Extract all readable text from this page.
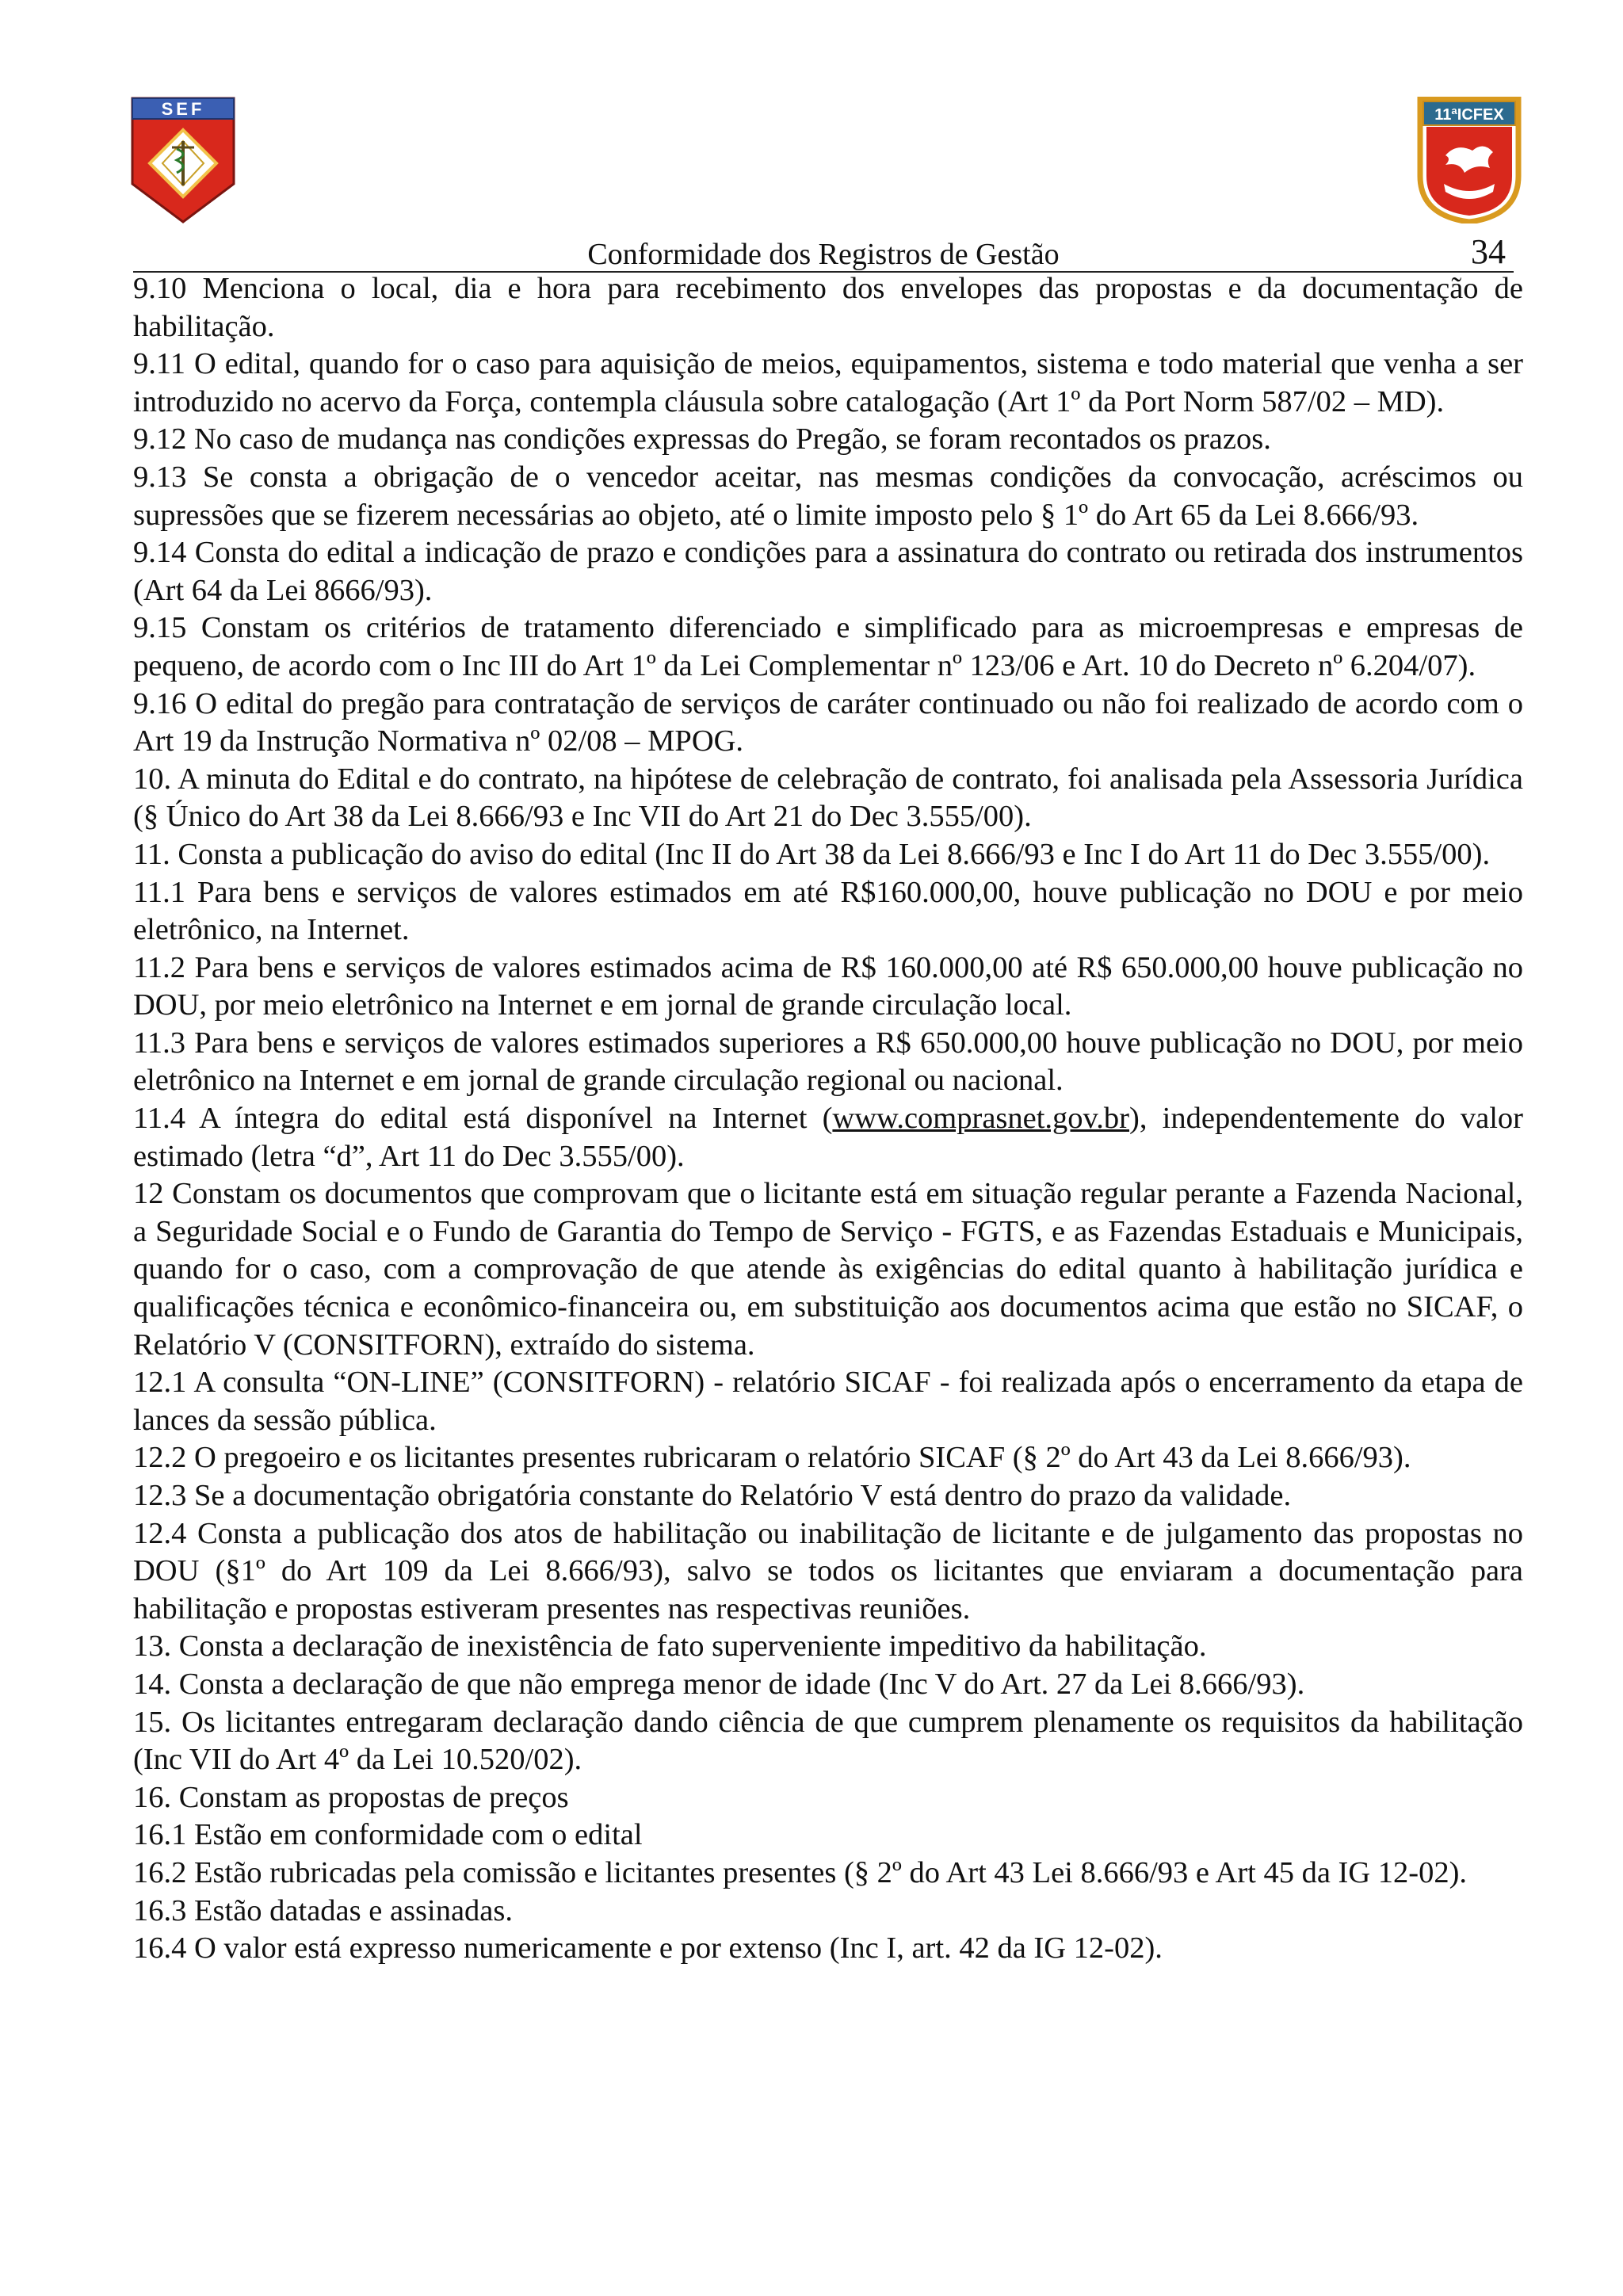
SEF	11ªICFEX
Conformidade dos Registros de Gestão	34

9.10 Menciona o local, dia e hora para recebimento dos envelopes das propostas e da documentação de habilitação.

9.11 O edital, quando for o caso para aquisição de meios, equipamentos, sistema e todo material que venha a ser introduzido no acervo da Força, contempla cláusula sobre catalogação (Art 1º da Port Norm 587/02 – MD).

9.12 No caso de mudança nas condições expressas do Pregão, se foram recontados os prazos.

9.13 Se consta a obrigação de o vencedor aceitar, nas mesmas condições da convocação, acréscimos ou supressões que se fizerem necessárias ao objeto, até o limite imposto pelo § 1º do Art 65 da Lei 8.666/93.

9.14 Consta do edital a indicação de prazo e condições para a assinatura do contrato ou retirada dos instrumentos (Art 64 da Lei 8666/93).

9.15 Constam os critérios de tratamento diferenciado e simplificado para as microempresas e empresas de pequeno, de acordo com o Inc III do Art 1º da Lei Complementar nº 123/06 e Art. 10 do Decreto nº 6.204/07).

9.16 O edital do pregão para contratação de serviços de caráter continuado ou não foi realizado de acordo com o Art 19 da Instrução Normativa nº 02/08 – MPOG.

10. A minuta do Edital e do contrato, na hipótese de celebração de contrato, foi analisada pela Assessoria Jurídica (§ Único do Art 38 da Lei 8.666/93 e Inc VII do Art 21 do Dec 3.555/00).

11. Consta a publicação do aviso do edital (Inc II do Art 38 da Lei 8.666/93 e Inc I do Art 11 do Dec 3.555/00).

11.1 Para bens e serviços de valores estimados em até R$160.000,00, houve publicação no DOU e por meio eletrônico, na Internet.

11.2 Para bens e serviços de valores estimados acima de R$ 160.000,00 até R$ 650.000,00 houve publicação no DOU, por meio eletrônico na Internet e em jornal de grande circulação local.

11.3 Para bens e serviços de valores estimados superiores a R$ 650.000,00 houve publicação no DOU, por meio eletrônico na Internet e em jornal de grande circulação regional ou nacional.

11.4 A íntegra do edital está disponível na Internet (www.comprasnet.gov.br), independentemente do valor estimado (letra “d”, Art 11 do Dec 3.555/00).

12 Constam os documentos que comprovam que o licitante está em situação regular perante a Fazenda Nacional, a Seguridade Social e o Fundo de Garantia do Tempo de Serviço - FGTS, e as Fazendas Estaduais e Municipais, quando for o caso, com a comprovação de que atende às exigências do edital quanto à habilitação jurídica e qualificações técnica e econômico-financeira ou, em substituição aos documentos acima que estão no SICAF, o Relatório V (CONSITFORN), extraído do sistema.

12.1 A consulta “ON-LINE” (CONSITFORN) - relatório SICAF - foi realizada após o encerramento da etapa de lances da sessão pública.

12.2 O pregoeiro e os licitantes presentes rubricaram o relatório SICAF (§ 2º do Art 43 da Lei 8.666/93).

12.3 Se a documentação obrigatória constante do Relatório V está dentro do prazo da validade.

12.4 Consta a publicação dos atos de habilitação ou inabilitação de licitante e de julgamento das propostas no DOU (§1º do Art 109 da Lei 8.666/93), salvo se todos os licitantes que enviaram a documentação para habilitação e propostas estiveram presentes nas respectivas reuniões.

13. Consta a declaração de inexistência de fato superveniente impeditivo da habilitação.

14. Consta a declaração de que não emprega menor de idade (Inc V do Art. 27 da Lei 8.666/93).

15. Os licitantes entregaram declaração dando ciência de que cumprem plenamente os requisitos da habilitação (Inc VII do Art 4º da Lei 10.520/02).

16. Constam as propostas de preços

16.1 Estão em conformidade com o edital

16.2 Estão rubricadas pela comissão e licitantes presentes (§ 2º do Art 43 Lei 8.666/93 e Art 45 da IG 12-02).

16.3 Estão datadas e assinadas.

16.4 O valor está expresso numericamente e por extenso (Inc I, art. 42 da IG 12-02).
